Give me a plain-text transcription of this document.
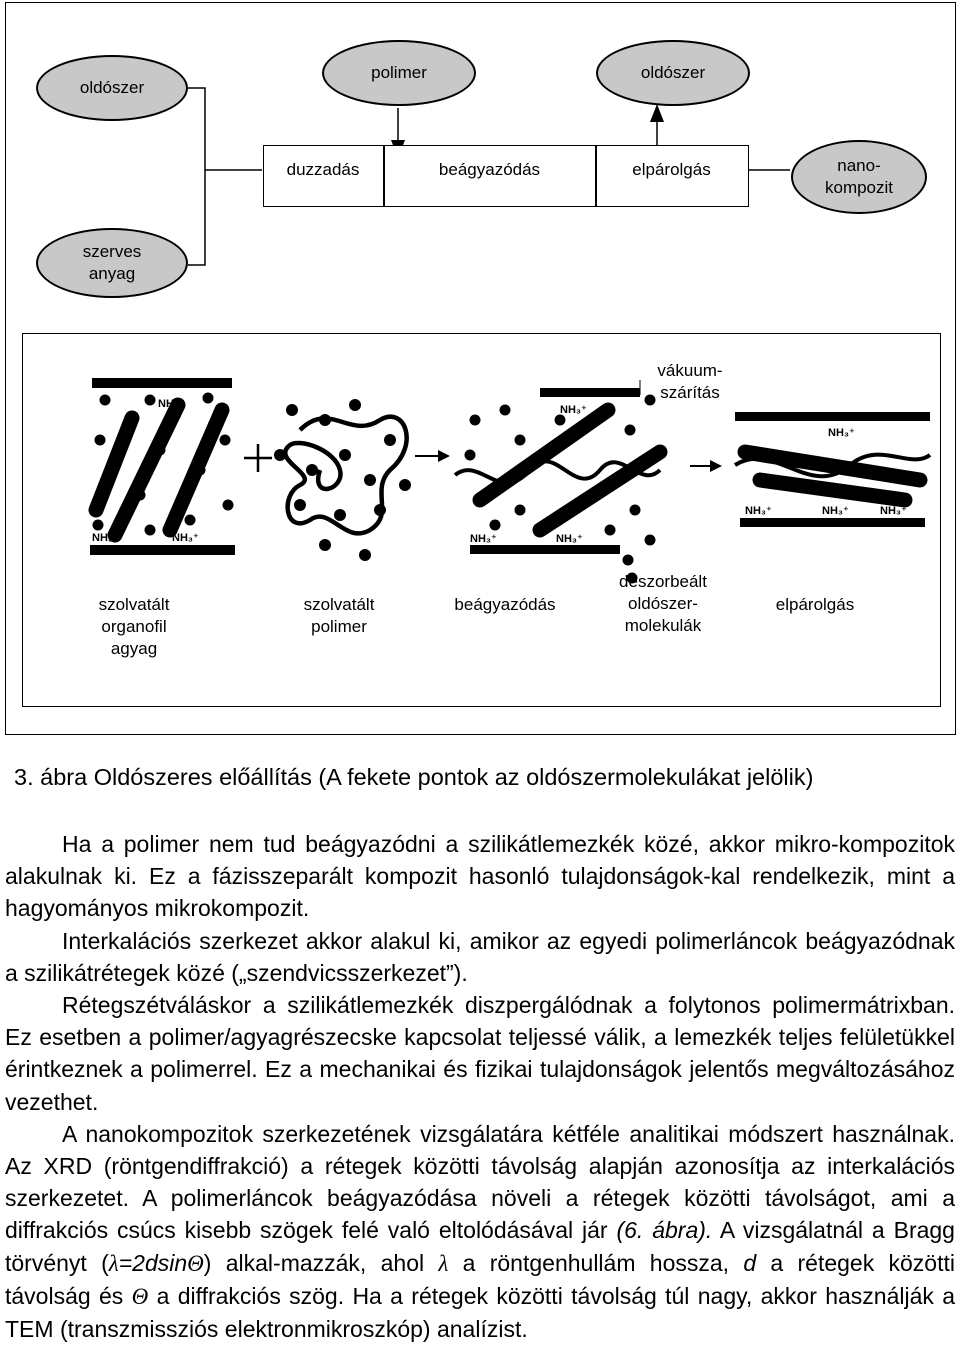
oldószer
polimer	oldószer
duzzadás	beágyazódás	elpárolgás	nano-
kompozit
szerves
anyag
NH₃⁺
NH₃⁺	NH₃⁺
NH₃⁺
NH₃⁺	NH₃⁺
NH₃⁺
NH₃⁺	NH₃⁺	NH₃⁺
vákuum-
szárítás
szolvatált
organofil
agyag
szolvatált
polimer
beágyazódás
deszorbeált
oldószer-
molekulák
elpárolgás
3. ábra Oldószeres előállítás (A fekete pontok az oldószermolekulákat jelölik)

Ha a polimer nem tud beágyazódni a szilikátlemezkék közé, akkor mikro-kompozitok alakulnak ki. Ez a fázisszeparált kompozit hasonló tulajdonságok-kal rendelkezik, mint a hagyományos mikrokompozit.

Interkalációs szerkezet akkor alakul ki, amikor az egyedi polimerláncok beágyazódnak a szilikátrétegek közé („szendvicsszerkezet”).

Rétegszétváláskor a szilikátlemezkék diszpergálódnak a folytonos polimermátrixban. Ez esetben a polimer/agyagrészecske kapcsolat teljessé válik, a lemezkék teljes felületükkel érintkeznek a polimerrel. Ez a mechanikai és fizikai tulajdonságok jelentős megváltozásához vezethet.

A nanokompozitok szerkezetének vizsgálatára kétféle analitikai módszert használnak. Az XRD (röntgendiffrakció) a rétegek közötti távolság alapján azonosítja az interkalációs szerkezetet. A polimerláncok beágyazódása növeli a rétegek közötti távolságot, ami a diffrakciós csúcs kisebb szögek felé való eltolódásával jár (6. ábra). A vizsgálatnál a Bragg törvényt (λ=2dsinΘ) alkal-mazzák, ahol λ a röntgenhullám hossza, d a rétegek közötti távolság és Θ a diffrakciós szög. Ha a rétegek közötti távolság túl nagy, akkor használják a TEM (transzmissziós elektronmikroszkóp) analízist.
